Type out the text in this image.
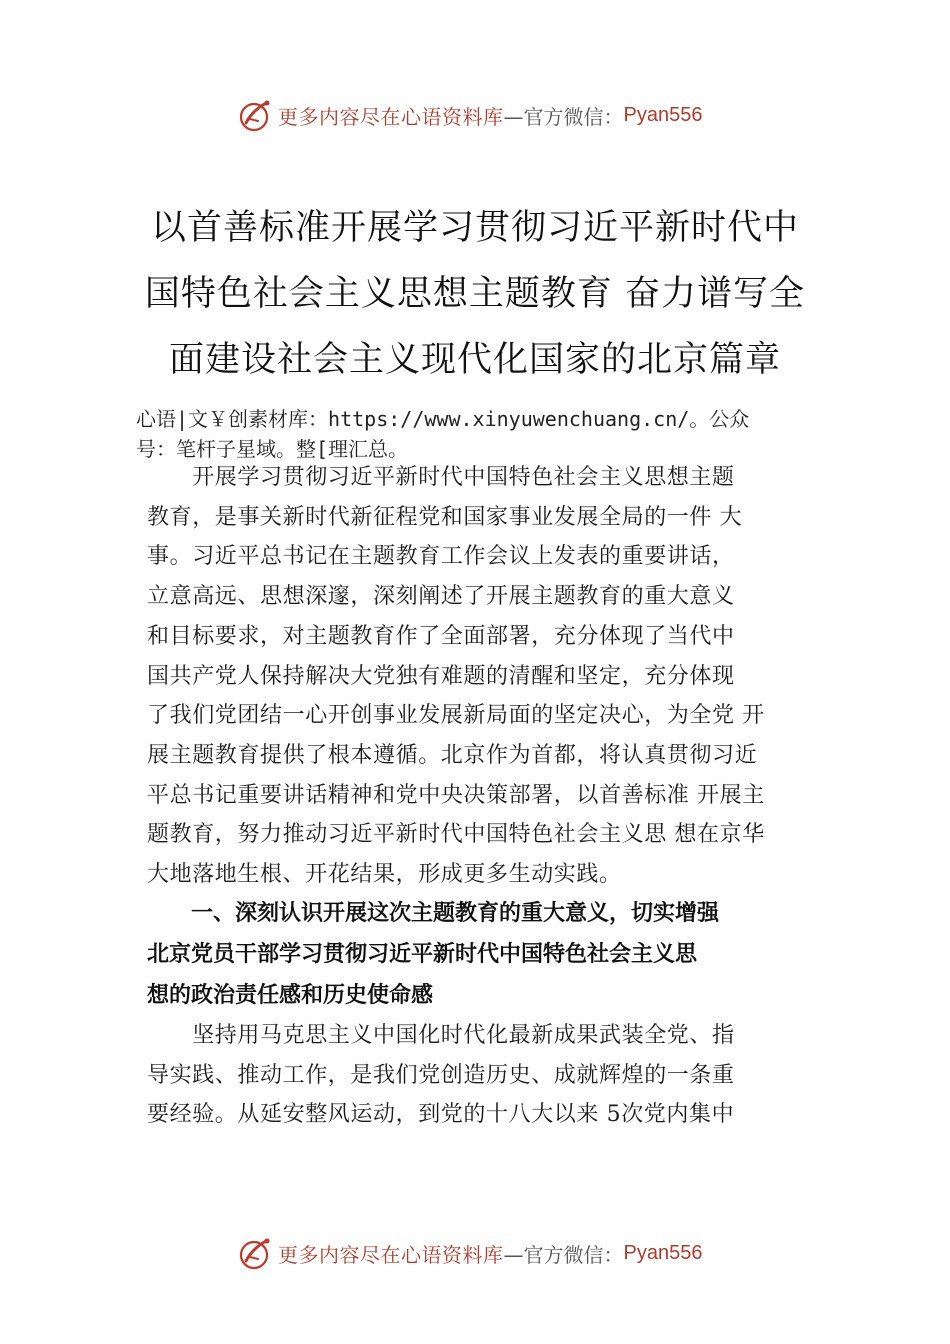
更多内容尽在心语资料库 —官方微信： Pyan556
以首善标准开展学习贯彻习近平新时代中
国特色社会主义思想主题教育 奋力谱写全
面建设社会主义现代化国家的北京篇章
心语|文￥创素材库：https://www.xinyuwenchuang.cn/。公众
号：笔杆子星域。整[理汇总。
　　开展学习贯彻习近平新时代中国特色社会主义思想主题
教育，是事关新时代新征程党和国家事业发展全局的一件 大
事。习近平总书记在主题教育工作会议上发表的重要讲话，
立意高远、思想深邃，深刻阐述了开展主题教育的重大意义
和目标要求，对主题教育作了全面部署，充分体现了当代中
国共产党人保持解决大党独有难题的清醒和坚定，充分体现
了我们党团结一心开创事业发展新局面的坚定决心，为全党 开
展主题教育提供了根本遵循。北京作为首都，将认真贯彻习近
平总书记重要讲话精神和党中央决策部署，以首善标准 开展主
题教育，努力推动习近平新时代中国特色社会主义思 想在京华
大地落地生根、开花结果，形成更多生动实践。
　　一、深刻认识开展这次主题教育的重大意义，切实增强
北京党员干部学习贯彻习近平新时代中国特色社会主义思
想的政治责任感和历史使命感
　　坚持用马克思主义中国化时代化最新成果武装全党、指
导实践、推动工作，是我们党创造历史、成就辉煌的一条重
要经验。从延安整风运动，到党的十八大以来 5次党内集中
更多内容尽在心语资料库 —官方微信： Pyan556
